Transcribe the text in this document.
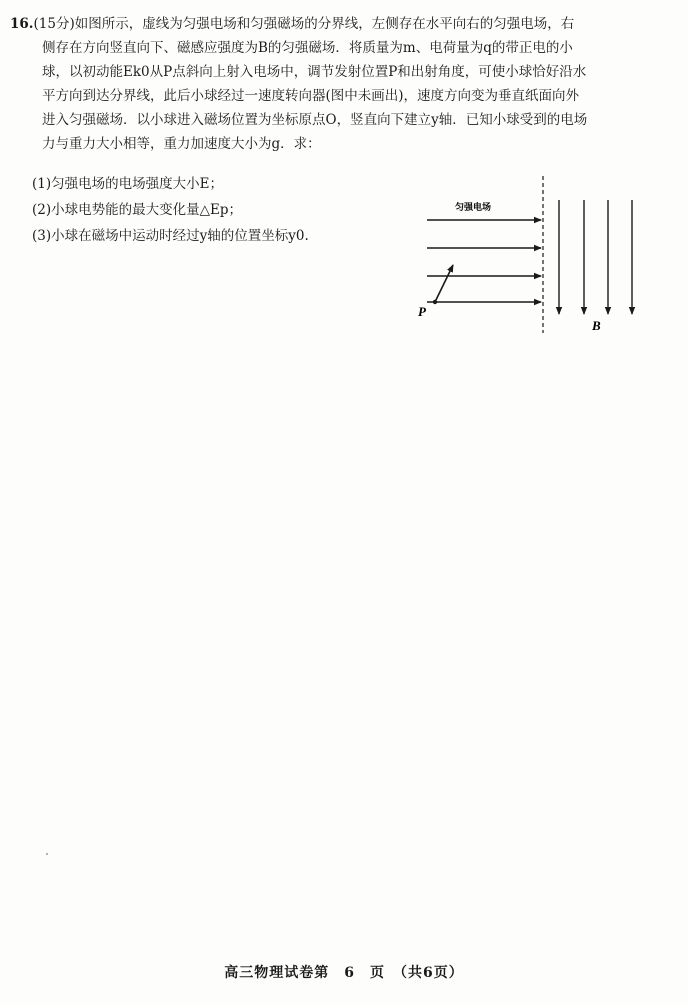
16.(15分)如图所示，虚线为匀强电场和匀强磁场的分界线，左侧存在水平向右的匀强电场，右
侧存在方向竖直向下、磁感应强度为B的匀强磁场．将质量为m、电荷量为q的带正电的小
球，以初动能Ek0从P点斜向上射入电场中，调节发射位置P和出射角度，可使小球恰好沿水
平方向到达分界线，此后小球经过一速度转向器(图中未画出)，速度方向变为垂直纸面向外
进入匀强磁场．以小球进入磁场位置为坐标原点O，竖直向下建立y轴．已知小球受到的电场
力与重力大小相等，重力加速度大小为g．求：
(1)匀强电场的电场强度大小E；
(2)小球电势能的最大变化量△Ep；
(3)小球在磁场中运动时经过y轴的位置坐标y0.
匀强电场
P
B
高三物理试卷第　6　页　（共6页）
